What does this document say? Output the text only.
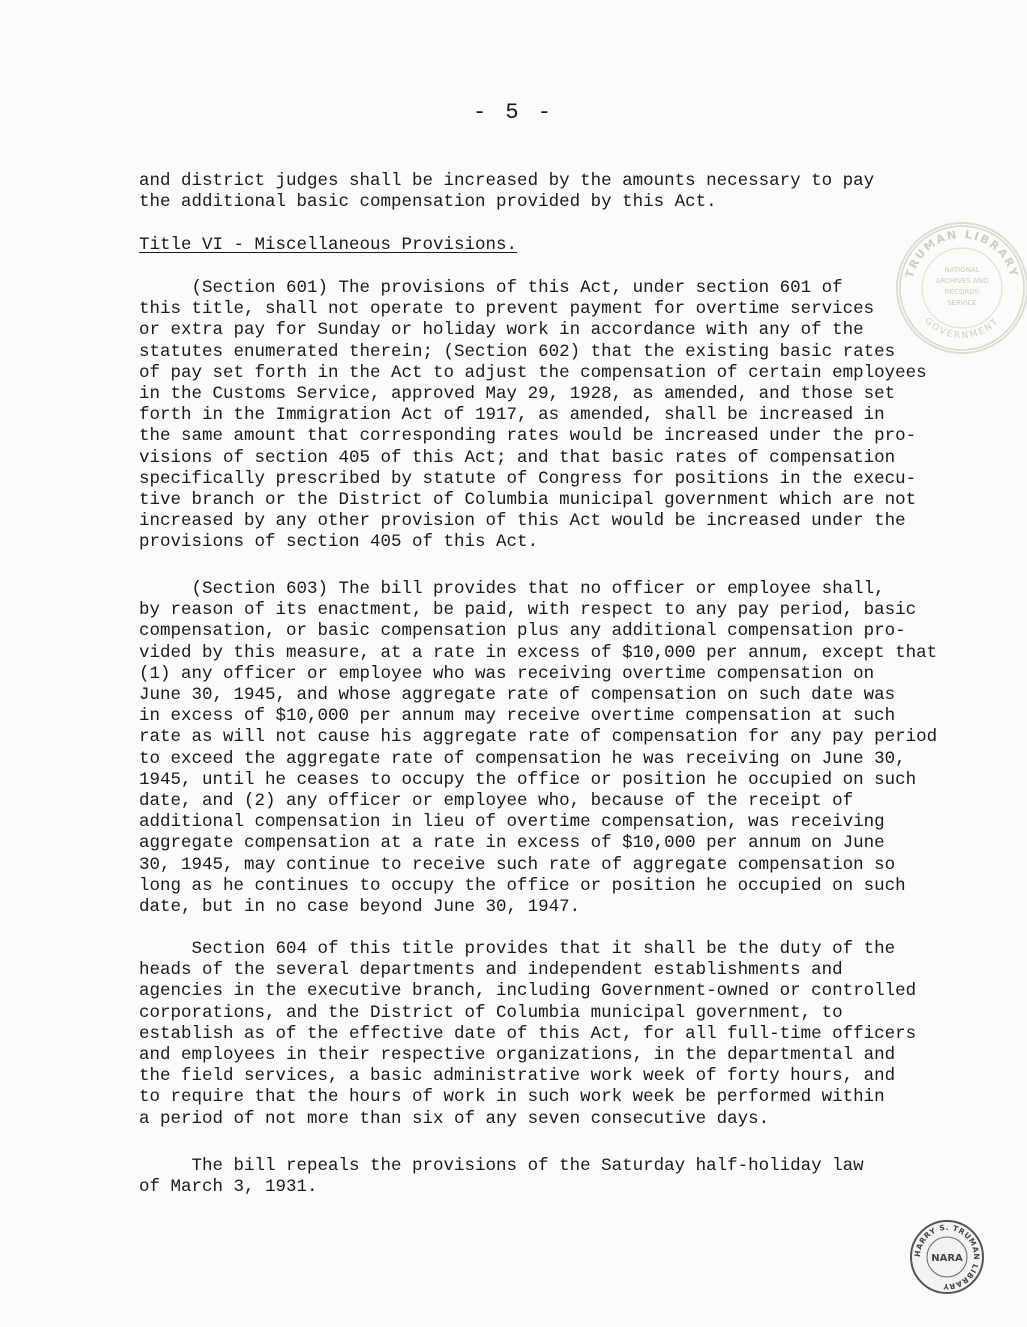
- 5 -
and district judges shall be increased by the amounts necessary to pay
the additional basic compensation provided by this Act.
Title VI - Miscellaneous Provisions.
(Section 601) The provisions of this Act, under section 601 of
this title, shall not operate to prevent payment for overtime services
or extra pay for Sunday or holiday work in accordance with any of the
statutes enumerated therein; (Section 602) that the existing basic rates
of pay set forth in the Act to adjust the compensation of certain employees
in the Customs Service, approved May 29, 1928, as amended, and those set
forth in the Immigration Act of 1917, as amended, shall be increased in
the same amount that corresponding rates would be increased under the pro-
visions of section 405 of this Act; and that basic rates of compensation
specifically prescribed by statute of Congress for positions in the execu-
tive branch or the District of Columbia municipal government which are not
increased by any other provision of this Act would be increased under the
provisions of section 405 of this Act.
(Section 603) The bill provides that no officer or employee shall,
by reason of its enactment, be paid, with respect to any pay period, basic
compensation, or basic compensation plus any additional compensation pro-
vided by this measure, at a rate in excess of $10,000 per annum, except that
(1) any officer or employee who was receiving overtime compensation on
June 30, 1945, and whose aggregate rate of compensation on such date was
in excess of $10,000 per annum may receive overtime compensation at such
rate as will not cause his aggregate rate of compensation for any pay period
to exceed the aggregate rate of compensation he was receiving on June 30,
1945, until he ceases to occupy the office or position he occupied on such
date, and (2) any officer or employee who, because of the receipt of
additional compensation in lieu of overtime compensation, was receiving
aggregate compensation at a rate in excess of $10,000 per annum on June
30, 1945, may continue to receive such rate of aggregate compensation so
long as he continues to occupy the office or position he occupied on such
date, but in no case beyond June 30, 1947.
Section 604 of this title provides that it shall be the duty of the
heads of the several departments and independent establishments and
agencies in the executive branch, including Government-owned or controlled
corporations, and the District of Columbia municipal government, to
establish as of the effective date of this Act, for all full-time officers
and employees in their respective organizations, in the departmental and
the field services, a basic administrative work week of forty hours, and
to require that the hours of work in such work week be performed within
a period of not more than six of any seven consecutive days.
The bill repeals the provisions of the Saturday half-holiday law
of March 3, 1931.
TRUMAN LIBRARY
GOVERNMENT
NATIONAL
ARCHIVES AND
RECORDS
SERVICE
HARRY S. TRUMAN LIBRARY
NARA
